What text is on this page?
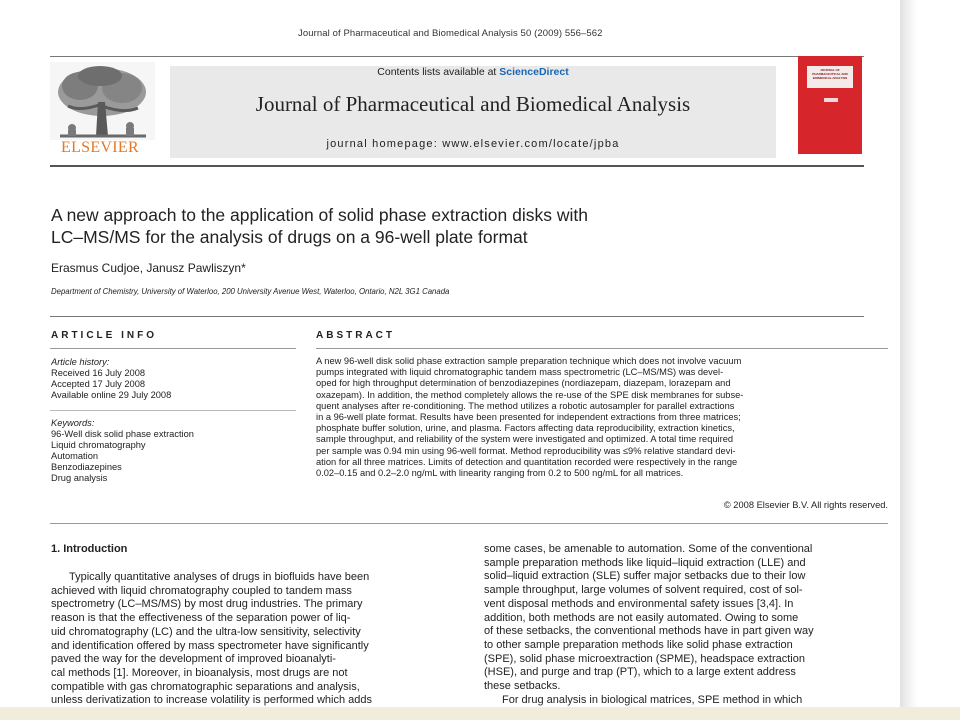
Journal of Pharmaceutical and Biomedical Analysis 50 (2009) 556–562
ELSEVIER
Contents lists available at ScienceDirect
Journal of Pharmaceutical and Biomedical Analysis
journal homepage: www.elsevier.com/locate/jpba
JOURNAL OF PHARMACEUTICAL AND BIOMEDICAL ANALYSIS
A new approach to the application of solid phase extraction disks with
LC–MS/MS for the analysis of drugs on a 96-well plate format
Erasmus Cudjoe, Janusz Pawliszyn*
Department of Chemistry, University of Waterloo, 200 University Avenue West, Waterloo, Ontario, N2L 3G1 Canada
ARTICLE INFO
Article history:
Received 16 July 2008
Accepted 17 July 2008
Available online 29 July 2008
Keywords:
96-Well disk solid phase extraction
Liquid chromatography
Automation
Benzodiazepines
Drug analysis
ABSTRACT
A new 96-well disk solid phase extraction sample preparation technique which does not involve vacuum
pumps integrated with liquid chromatographic tandem mass spectrometric (LC–MS/MS) was devel-
oped for high throughput determination of benzodiazepines (nordiazepam, diazepam, lorazepam and
oxazepam). In addition, the method completely allows the re-use of the SPE disk membranes for subse-
quent analyses after re-conditioning. The method utilizes a robotic autosampler for parallel extractions
in a 96-well plate format. Results have been presented for independent extractions from three matrices;
phosphate buffer solution, urine, and plasma. Factors affecting data reproducibility, extraction kinetics,
sample throughput, and reliability of the system were investigated and optimized. A total time required
per sample was 0.94 min using 96-well format. Method reproducibility was ≤9% relative standard devi-
ation for all three matrices. Limits of detection and quantitation recorded were respectively in the range
0.02–0.15 and 0.2–2.0 ng/mL with linearity ranging from 0.2 to 500 ng/mL for all matrices.
© 2008 Elsevier B.V. All rights reserved.
1. Introduction
Typically quantitative analyses of drugs in biofluids have been
achieved with liquid chromatography coupled to tandem mass
spectrometry (LC–MS/MS) by most drug industries. The primary
reason is that the effectiveness of the separation power of liq-
uid chromatography (LC) and the ultra-low sensitivity, selectivity
and identification offered by mass spectrometer have significantly
paved the way for the development of improved bioanalyti-
cal methods [1]. Moreover, in bioanalysis, most drugs are not
compatible with gas chromatographic separations and analysis,
unless derivatization to increase volatility is performed which adds
some cases, be amenable to automation. Some of the conventional
sample preparation methods like liquid–liquid extraction (LLE) and
solid–liquid extraction (SLE) suffer major setbacks due to their low
sample throughput, large volumes of solvent required, cost of sol-
vent disposal methods and environmental safety issues [3,4]. In
addition, both methods are not easily automated. Owing to some
of these setbacks, the conventional methods have in part given way
to other sample preparation methods like solid phase extraction
(SPE), solid phase microextraction (SPME), headspace extraction
(HSE), and purge and trap (PT), which to a large extent address
these setbacks.
For drug analysis in biological matrices, SPE method in which
